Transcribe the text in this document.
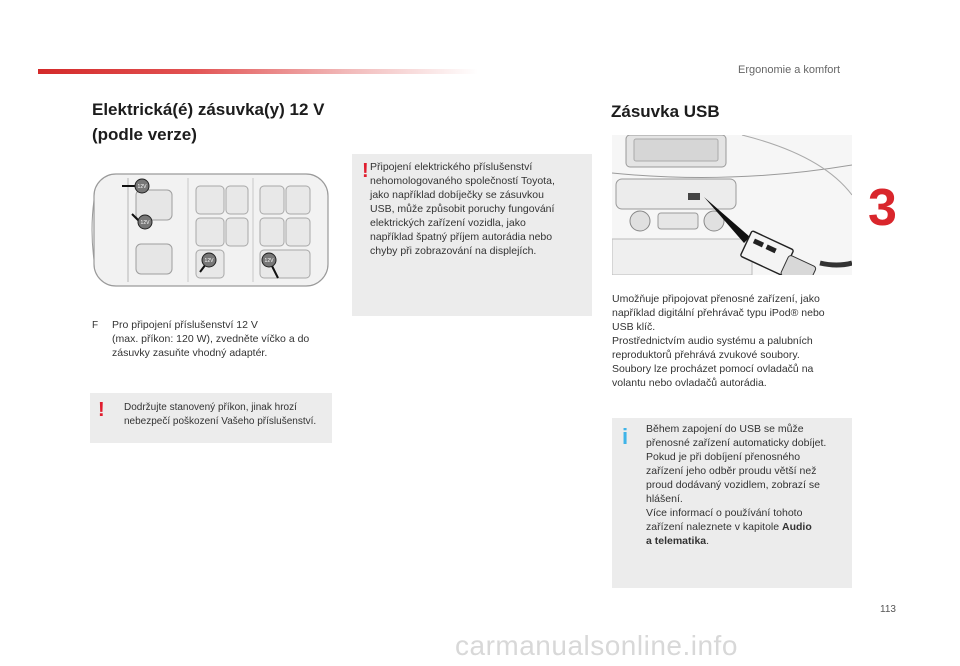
Ergonomie a komfort
3
113
Elektrická(é) zásuvka(y) 12 V
(podle verze)
12V
12V
12V	12V
F Pro připojení příslušenství 12 V
(max. příkon: 120 W), zvedněte víčko a do
zásuvky zasuňte vhodný adaptér.
! Dodržujte stanovený příkon, jinak hrozí
nebezpečí poškození Vašeho příslušenství.
! Připojení elektrického příslušenství
nehomologovaného společností Toyota,
jako například dobíječky se zásuvkou
USB, může způsobit poruchy fungování
elektrických zařízení vozidla, jako
například špatný příjem autorádia nebo
chyby při zobrazování na displejích.
Zásuvka USB
Umožňuje připojovat přenosné zařízení, jako
například digitální přehrávač typu iPod® nebo
USB klíč.
Prostřednictvím audio systému a palubních
reproduktorů přehrává zvukové soubory.
Soubory lze procházet pomocí ovladačů na
volantu nebo ovladačů autorádia.
i Během zapojení do USB se může
přenosné zařízení automaticky dobíjet.
Pokud je při dobíjení přenosného
zařízení jeho odběr proudu větší než
proud dodávaný vozidlem, zobrazí se
hlášení.
Více informací o používání tohoto
zařízení naleznete v kapitole Audio
a telematika.
carmanualsonline.info
